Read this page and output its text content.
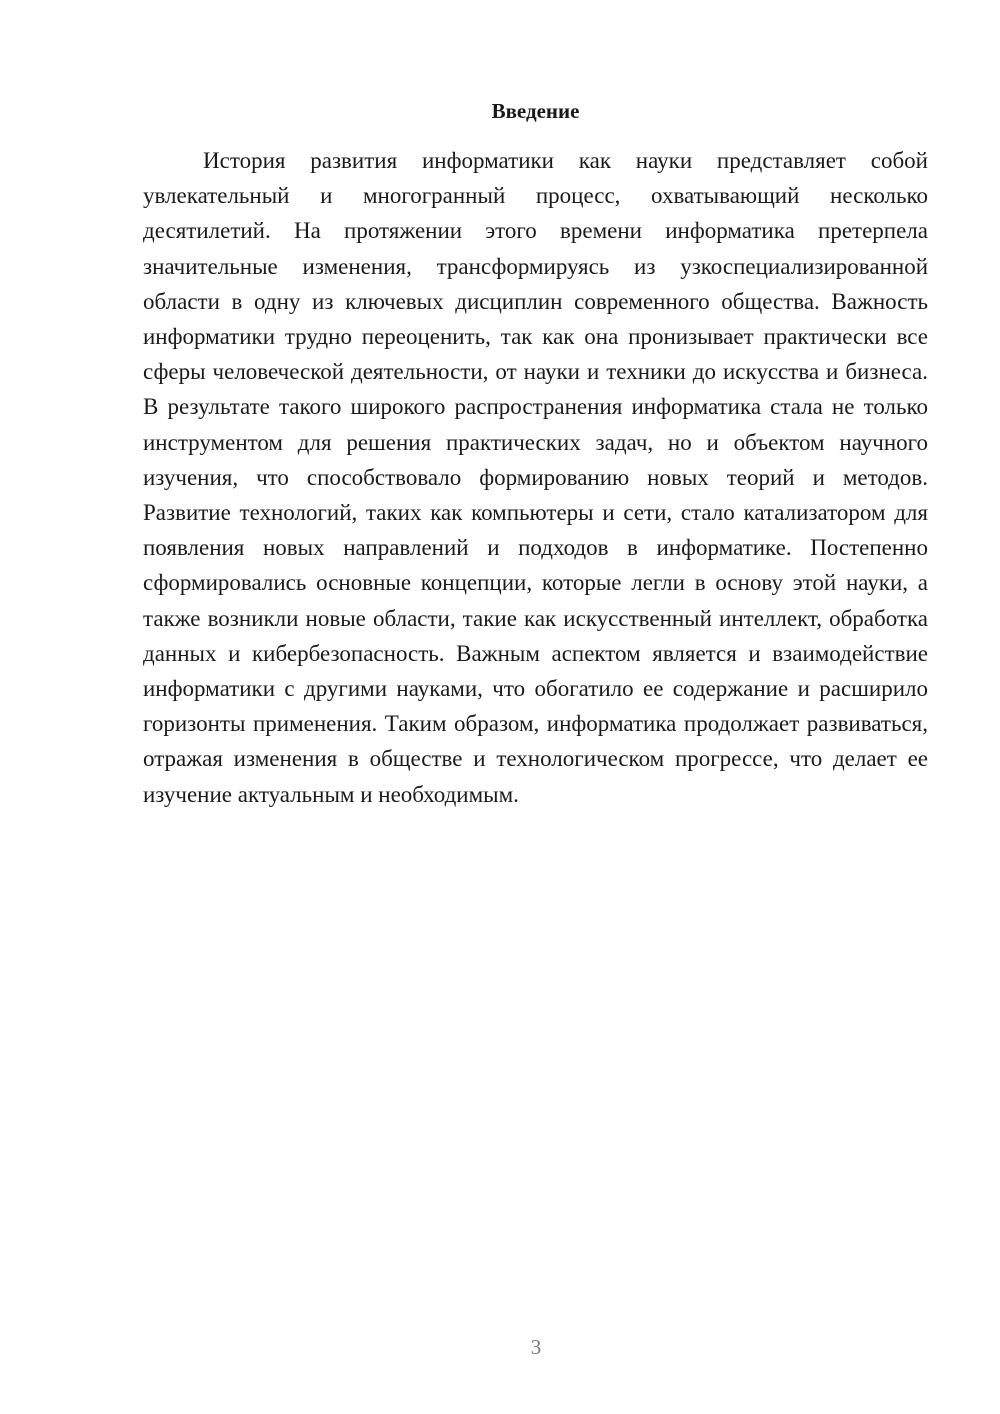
Введение

История развития информатики как науки представляет собой увлекательный и многогранный процесс, охватывающий несколько десятилетий. На протяжении этого времени информатика претерпела значительные изменения, трансформируясь из узкоспециализированной области в одну из ключевых дисциплин современного общества. Важность информатики трудно переоценить, так как она пронизывает практически все сферы человеческой деятельности, от науки и техники до искусства и бизнеса. В результате такого широкого распространения информатика стала не только инструментом для решения практических задач, но и объектом научного изучения, что способствовало формированию новых теорий и методов. Развитие технологий, таких как компьютеры и сети, стало катализатором для появления новых направлений и подходов в информатике. Постепенно сформировались основные концепции, которые легли в основу этой науки, а также возникли новые области, такие как искусственный интеллект, обработка данных и кибербезопасность. Важным аспектом является и взаимодействие информатики с другими науками, что обогатило ее содержание и расширило горизонты применения. Таким образом, информатика продолжает развиваться, отражая изменения в обществе и технологическом прогрессе, что делает ее изучение актуальным и необходимым.

3
